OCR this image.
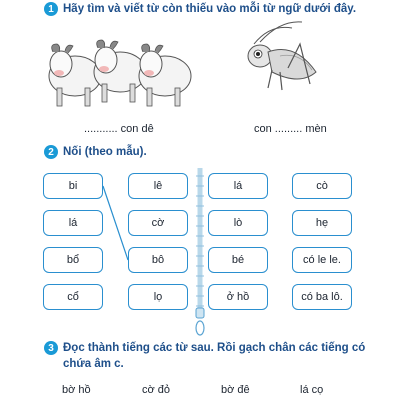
1 Hãy tìm và viết từ còn thiếu vào mỗi từ ngữ dưới đây.
........... con dê	con ......... mèn
2 Nối (theo mẫu).
bi
lá
bổ
cổ
lê
cờ
bô
lọ
lá
lò
bé
ở hồ
cò
hẹ
có le le.
có ba lô.
3 Đọc thành tiếng các từ sau. Rồi gạch chân các tiếng có chứa âm c.
bờ hồ	cờ đỏ	bờ đê	lá cọ
